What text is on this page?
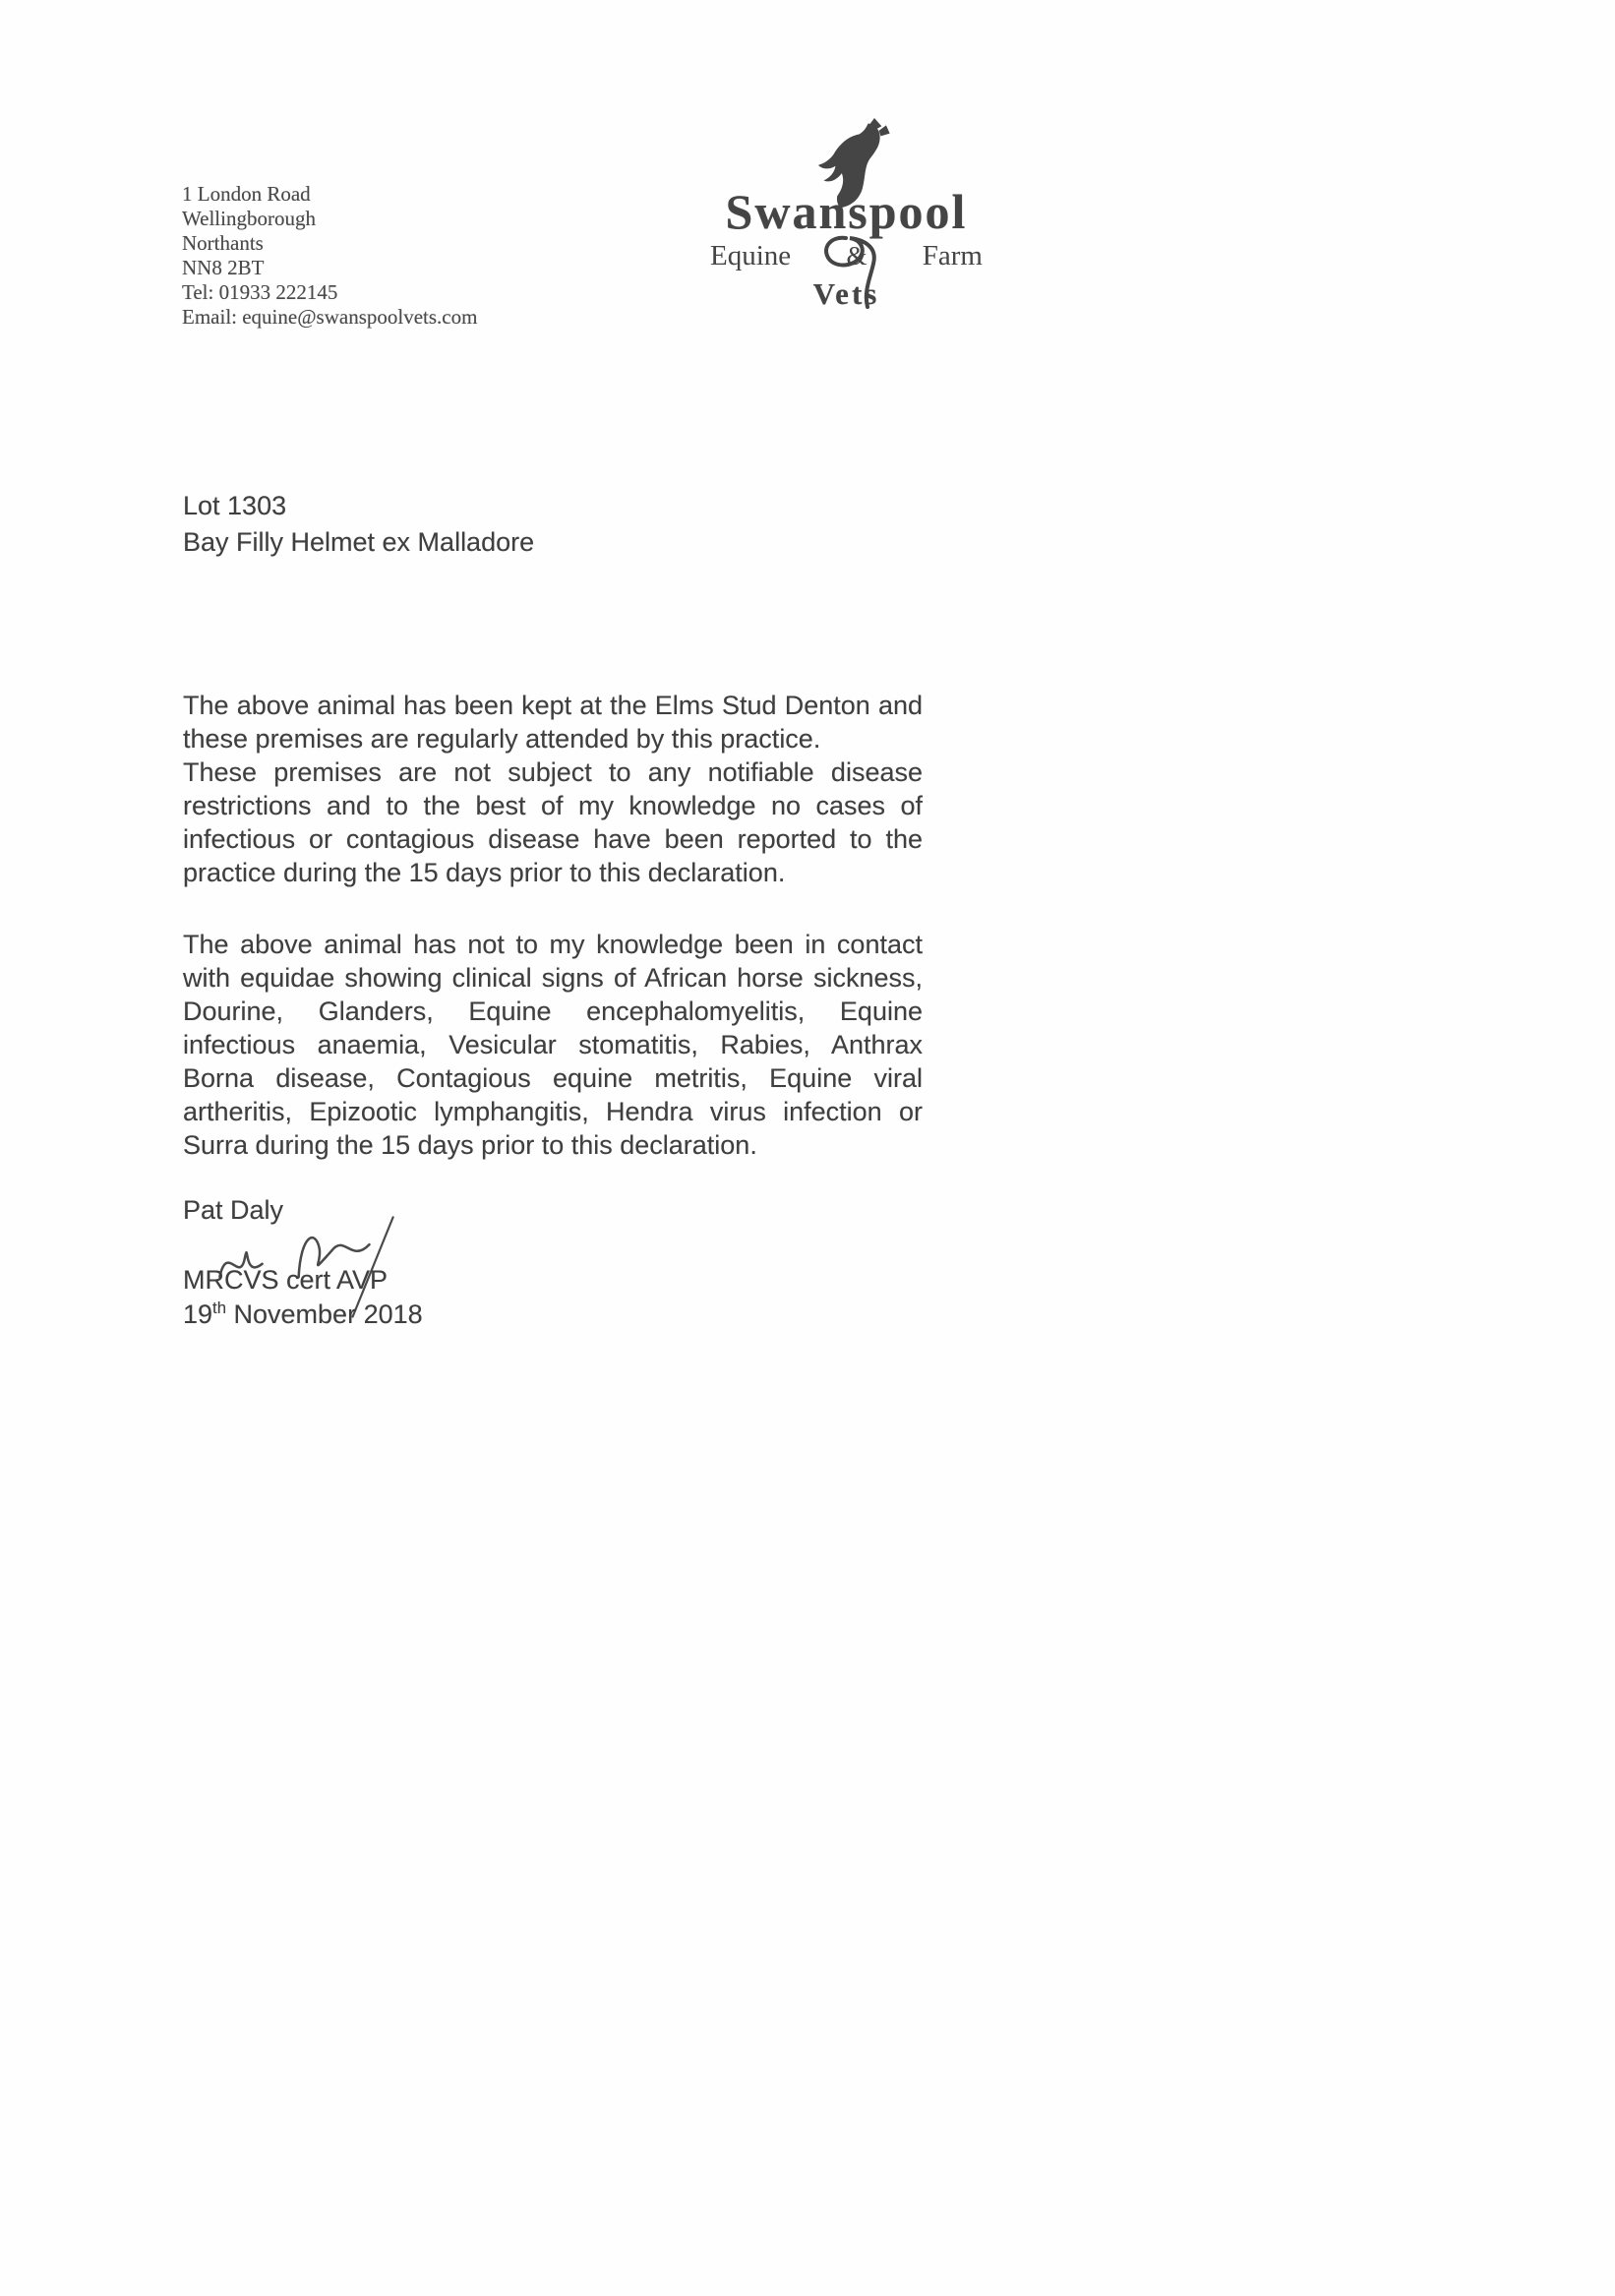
1 London Road
Wellingborough
Northants
NN8 2BT
Tel: 01933 222145
Email: equine@swanspoolvets.com
Swanspool
Equine & Farm
Vets
Lot 1303
Bay Filly Helmet ex Malladore

The above animal has been kept at the Elms Stud Denton and these premises are regularly attended by this practice.

These premises are not subject to any notifiable disease restrictions and to the best of my knowledge no cases of infectious or contagious disease have been reported to the practice during the 15 days prior to this declaration.

The above animal has not to my knowledge been in contact with equidae showing clinical signs of African horse sickness, Dourine, Glanders, Equine encephalomyelitis, Equine infectious anaemia, Vesicular stomatitis, Rabies, Anthrax Borna disease, Contagious equine metritis, Equine viral artheritis, Epizootic lymphangitis, Hendra virus infection or Surra during the 15 days prior to this declaration.

Pat Daly
MRCVS cert AVP
19th November 2018
